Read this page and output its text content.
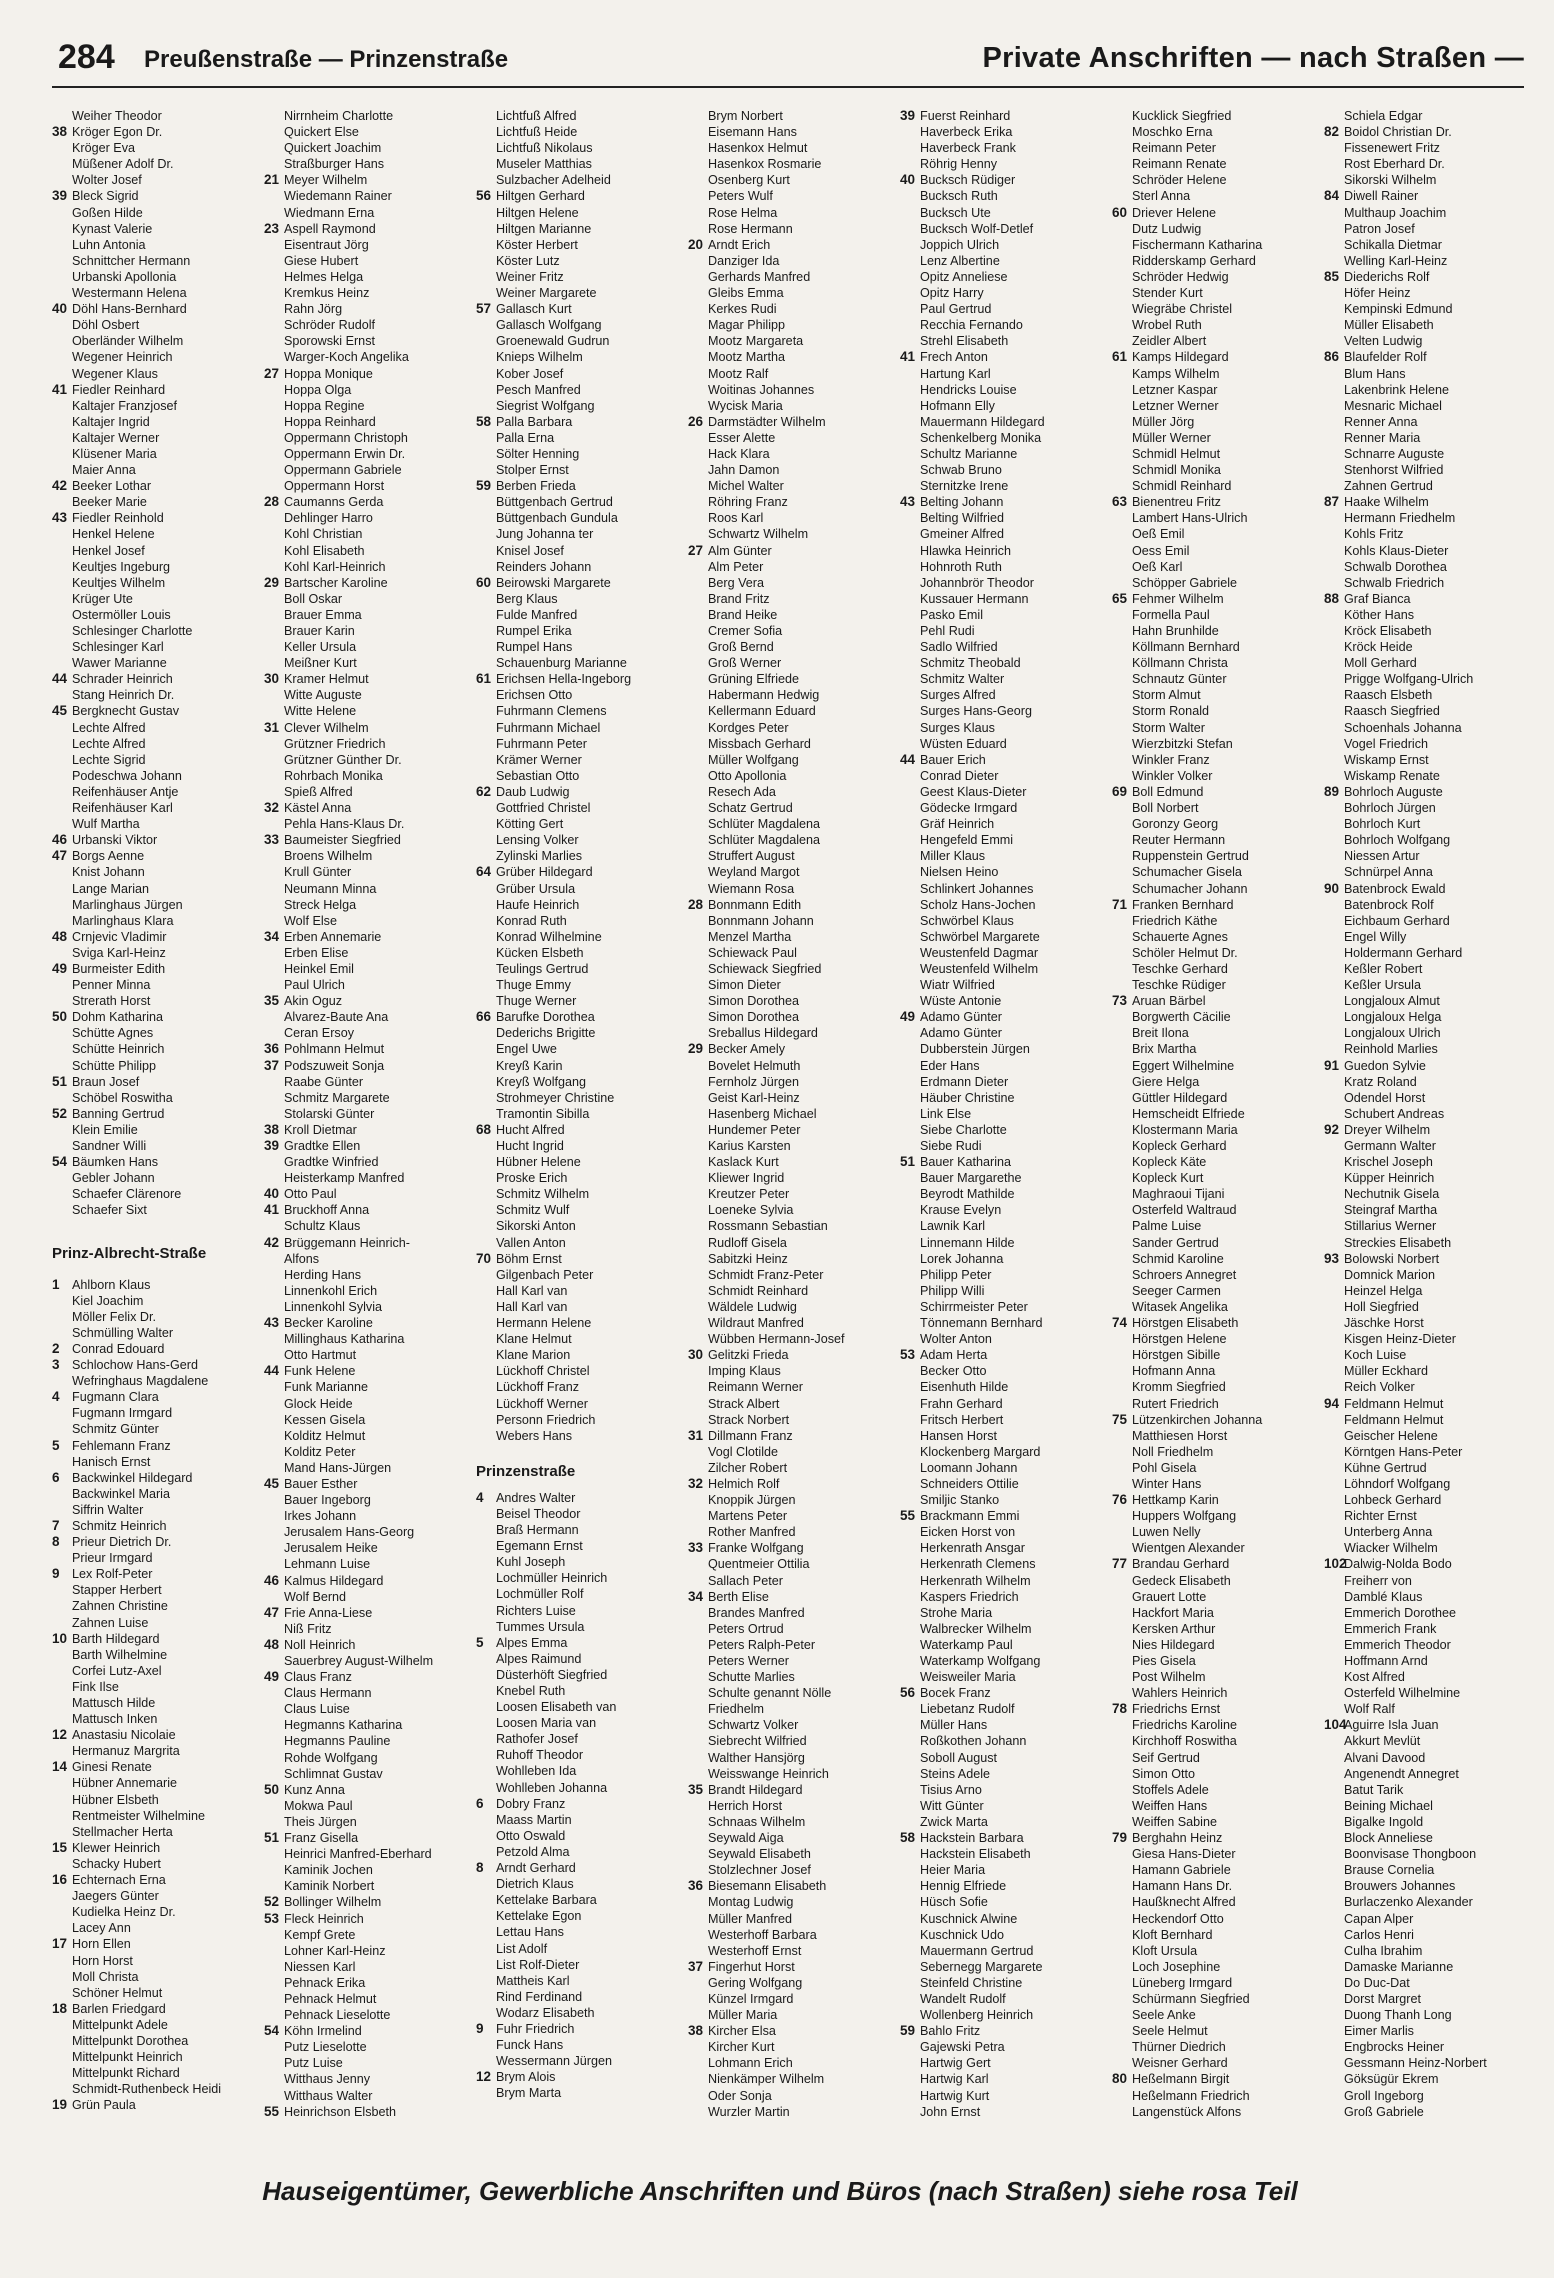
284 Preußenstraße — Prinzenstraße	Private Anschriften — nach Straßen —
Weiher Theodor
38 Kröger Egon Dr.
Kröger Eva
Müßener Adolf Dr.
Wolter Josef
39 Bleck Sigrid
Goßen Hilde
Kynast Valerie
Luhn Antonia
Schnittcher Hermann
Urbanski Apollonia
Westermann Helena
40 Döhl Hans-Bernhard
Döhl Osbert
Oberländer Wilhelm
Wegener Heinrich
Wegener Klaus
41 Fiedler Reinhard
Kaltajer Franzjosef
Kaltajer Ingrid
Kaltajer Werner
Klüsener Maria
Maier Anna
42 Beeker Lothar
Beeker Marie
43 Fiedler Reinhold
Henkel Helene
Henkel Josef
Keultjes Ingeburg
Keultjes Wilhelm
Krüger Ute
Ostermöller Louis
Schlesinger Charlotte
Schlesinger Karl
Wawer Marianne
44 Schrader Heinrich
Stang Heinrich Dr.
45 Bergknecht Gustav
Lechte Alfred
Lechte Alfred
Lechte Sigrid
Podeschwa Johann
Reifenhäuser Antje
Reifenhäuser Karl
Wulf Martha
46 Urbanski Viktor
47 Borgs Aenne
Knist Johann
Lange Marian
Marlinghaus Jürgen
Marlinghaus Klara
48 Crnjevic Vladimir
Sviga Karl-Heinz
49 Burmeister Edith
Penner Minna
Strerath Horst
50 Dohm Katharina
Schütte Agnes
Schütte Heinrich
Schütte Philipp
51 Braun Josef
Schöbel Roswitha
52 Banning Gertrud
Klein Emilie
Sandner Willi
54 Bäumken Hans
Gebler Johann
Schaefer Clärenore
Schaefer Sixt
Prinz-Albrecht-Straße
1 Ahlborn Klaus
Kiel Joachim
Möller Felix Dr.
Schmülling Walter
2 Conrad Edouard
3 Schlochow Hans-Gerd
Wefringhaus Magdalene
4 Fugmann Clara
Fugmann Irmgard
Schmitz Günter
5 Fehlemann Franz
Hanisch Ernst
6 Backwinkel Hildegard
Backwinkel Maria
Siffrin Walter
7 Schmitz Heinrich
8 Prieur Dietrich Dr.
Prieur Irmgard
9 Lex Rolf-Peter
Stapper Herbert
Zahnen Christine
Zahnen Luise
10 Barth Hildegard
Barth Wilhelmine
Corfei Lutz-Axel
Fink Ilse
Mattusch Hilde
Mattusch Inken
12 Anastasiu Nicolaie
Hermanuz Margrita
14 Ginesi Renate
Hübner Annemarie
Hübner Elsbeth
Rentmeister Wilhelmine
Stellmacher Herta
15 Klewer Heinrich
Schacky Hubert
16 Echternach Erna
Jaegers Günter
Kudielka Heinz Dr.
Lacey Ann
17 Horn Ellen
Horn Horst
Moll Christa
Schöner Helmut
18 Barlen Friedgard
Mittelpunkt Adele
Mittelpunkt Dorothea
Mittelpunkt Heinrich
Mittelpunkt Richard
Schmidt-Ruthenbeck Heidi
19 Grün Paula
Nirrnheim Charlotte
Quickert Else
Quickert Joachim
Straßburger Hans
21 Meyer Wilhelm
Wiedemann Rainer
Wiedmann Erna
23 Aspell Raymond
Eisentraut Jörg
Giese Hubert
Helmes Helga
Kremkus Heinz
Rahn Jörg
Schröder Rudolf
Sporowski Ernst
Warger-Koch Angelika
27 Hoppa Monique
Hoppa Olga
Hoppa Regine
Hoppa Reinhard
Oppermann Christoph
Oppermann Erwin Dr.
Oppermann Gabriele
Oppermann Horst
28 Caumanns Gerda
Dehlinger Harro
Kohl Christian
Kohl Elisabeth
Kohl Karl-Heinrich
29 Bartscher Karoline
Boll Oskar
Brauer Emma
Brauer Karin
Keller Ursula
Meißner Kurt
30 Kramer Helmut
Witte Auguste
Witte Helene
31 Clever Wilhelm
Grützner Friedrich
Grützner Günther Dr.
Rohrbach Monika
Spieß Alfred
32 Kästel Anna
Pehla Hans-Klaus Dr.
33 Baumeister Siegfried
Broens Wilhelm
Krull Günter
Neumann Minna
Streck Helga
Wolf Else
34 Erben Annemarie
Erben Elise
Heinkel Emil
Paul Ulrich
35 Akin Oguz
Alvarez-Baute Ana
Ceran Ersoy
36 Pohlmann Helmut
37 Podszuweit Sonja
Raabe Günter
Schmitz Margarete
Stolarski Günter
38 Kroll Dietmar
39 Gradtke Ellen
Gradtke Winfried
Heisterkamp Manfred
40 Otto Paul
41 Bruckhoff Anna
Schultz Klaus
42 Brüggemann Heinrich-
Alfons
Herding Hans
Linnenkohl Erich
Linnenkohl Sylvia
43 Becker Karoline
Millinghaus Katharina
Otto Hartmut
44 Funk Helene
Funk Marianne
Glock Heide
Kessen Gisela
Kolditz Helmut
Kolditz Peter
Mand Hans-Jürgen
45 Bauer Esther
Bauer Ingeborg
Irkes Johann
Jerusalem Hans-Georg
Jerusalem Heike
Lehmann Luise
46 Kalmus Hildegard
Wolf Bernd
47 Frie Anna-Liese
Niß Fritz
48 Noll Heinrich
Sauerbrey August-Wilhelm
49 Claus Franz
Claus Hermann
Claus Luise
Hegmanns Katharina
Hegmanns Pauline
Rohde Wolfgang
Schlimnat Gustav
50 Kunz Anna
Mokwa Paul
Theis Jürgen
51 Franz Gisella
Heinrici Manfred-Eberhard
Kaminik Jochen
Kaminik Norbert
52 Bollinger Wilhelm
53 Fleck Heinrich
Kempf Grete
Lohner Karl-Heinz
Niessen Karl
Pehnack Erika
Pehnack Helmut
Pehnack Lieselotte
54 Köhn Irmelind
Putz Lieselotte
Putz Luise
Witthaus Jenny
Witthaus Walter
55 Heinrichson Elsbeth
Lichtfuß Alfred
Lichtfuß Heide
Lichtfuß Nikolaus
Museler Matthias
Sulzbacher Adelheid
56 Hiltgen Gerhard
Hiltgen Helene
Hiltgen Marianne
Köster Herbert
Köster Lutz
Weiner Fritz
Weiner Margarete
57 Gallasch Kurt
Gallasch Wolfgang
Groenewald Gudrun
Knieps Wilhelm
Kober Josef
Pesch Manfred
Siegrist Wolfgang
58 Palla Barbara
Palla Erna
Sölter Henning
Stolper Ernst
59 Berben Frieda
Büttgenbach Gertrud
Büttgenbach Gundula
Jung Johanna ter
Knisel Josef
Reinders Johann
60 Beirowski Margarete
Berg Klaus
Fulde Manfred
Rumpel Erika
Rumpel Hans
Schauenburg Marianne
61 Erichsen Hella-Ingeborg
Erichsen Otto
Fuhrmann Clemens
Fuhrmann Michael
Fuhrmann Peter
Krämer Werner
Sebastian Otto
62 Daub Ludwig
Gottfried Christel
Kötting Gert
Lensing Volker
Zylinski Marlies
64 Grüber Hildegard
Grüber Ursula
Haufe Heinrich
Konrad Ruth
Konrad Wilhelmine
Kücken Elsbeth
Teulings Gertrud
Thuge Emmy
Thuge Werner
66 Barufke Dorothea
Dederichs Brigitte
Engel Uwe
Kreyß Karin
Kreyß Wolfgang
Strohmeyer Christine
Tramontin Sibilla
68 Hucht Alfred
Hucht Ingrid
Hübner Helene
Proske Erich
Schmitz Wilhelm
Schmitz Wulf
Sikorski Anton
Vallen Anton
70 Böhm Ernst
Gilgenbach Peter
Hall Karl van
Hall Karl van
Hermann Helene
Klane Helmut
Klane Marion
Lückhoff Christel
Lückhoff Franz
Lückhoff Werner
Personn Friedrich
Webers Hans
Prinzenstraße
4 Andres Walter
Beisel Theodor
Braß Hermann
Egemann Ernst
Kuhl Joseph
Lochmüller Heinrich
Lochmüller Rolf
Richters Luise
Tummes Ursula
5 Alpes Emma
Alpes Raimund
Düsterhöft Siegfried
Knebel Ruth
Loosen Elisabeth van
Loosen Maria van
Rathofer Josef
Ruhoff Theodor
Wohlleben Ida
Wohlleben Johanna
6 Dobry Franz
Maass Martin
Otto Oswald
Petzold Alma
8 Arndt Gerhard
Dietrich Klaus
Kettelake Barbara
Kettelake Egon
Lettau Hans
List Adolf
List Rolf-Dieter
Mattheis Karl
Rind Ferdinand
Wodarz Elisabeth
9 Fuhr Friedrich
Funck Hans
Wessermann Jürgen
12 Brym Alois
Brym Marta
Brym Norbert
Eisemann Hans
Hasenkox Helmut
Hasenkox Rosmarie
Osenberg Kurt
Peters Wulf
Rose Helma
Rose Hermann
20 Arndt Erich
Danziger Ida
Gerhards Manfred
Gleibs Emma
Kerkes Rudi
Magar Philipp
Mootz Margareta
Mootz Martha
Mootz Ralf
Woitinas Johannes
Wycisk Maria
26 Darmstädter Wilhelm
Esser Alette
Hack Klara
Jahn Damon
Michel Walter
Röhring Franz
Roos Karl
Schwartz Wilhelm
27 Alm Günter
Alm Peter
Berg Vera
Brand Fritz
Brand Heike
Cremer Sofia
Groß Bernd
Groß Werner
Grüning Elfriede
Habermann Hedwig
Kellermann Eduard
Kordges Peter
Missbach Gerhard
Müller Wolfgang
Otto Apollonia
Resech Ada
Schatz Gertrud
Schlüter Magdalena
Schlüter Magdalena
Struffert August
Weyland Margot
Wiemann Rosa
28 Bonnmann Edith
Bonnmann Johann
Menzel Martha
Schiewack Paul
Schiewack Siegfried
Simon Dieter
Simon Dorothea
Simon Dorothea
Sreballus Hildegard
29 Becker Amely
Bovelet Helmuth
Fernholz Jürgen
Geist Karl-Heinz
Hasenberg Michael
Hundemer Peter
Karius Karsten
Kaslack Kurt
Kliewer Ingrid
Kreutzer Peter
Loeneke Sylvia
Rossmann Sebastian
Rudloff Gisela
Sabitzki Heinz
Schmidt Franz-Peter
Schmidt Reinhard
Wäldele Ludwig
Wildraut Manfred
Wübben Hermann-Josef
30 Gelitzki Frieda
Imping Klaus
Reimann Werner
Strack Albert
Strack Norbert
31 Dillmann Franz
Vogl Clotilde
Zilcher Robert
32 Helmich Rolf
Knoppik Jürgen
Martens Peter
Rother Manfred
33 Franke Wolfgang
Quentmeier Ottilia
Sallach Peter
34 Berth Elise
Brandes Manfred
Peters Ortrud
Peters Ralph-Peter
Peters Werner
Schutte Marlies
Schulte genannt Nölle
Friedhelm
Schwartz Volker
Siebrecht Wilfried
Walther Hansjörg
Weisswange Heinrich
35 Brandt Hildegard
Herrich Horst
Schnaas Wilhelm
Seywald Aiga
Seywald Elisabeth
Stolzlechner Josef
36 Biesemann Elisabeth
Montag Ludwig
Müller Manfred
Westerhoff Barbara
Westerhoff Ernst
37 Fingerhut Horst
Gering Wolfgang
Künzel Irmgard
Müller Maria
38 Kircher Elsa
Kircher Kurt
Lohmann Erich
Nienkämper Wilhelm
Oder Sonja
Wurzler Martin
39 Fuerst Reinhard
Haverbeck Erika
Haverbeck Frank
Röhrig Henny
40 Bucksch Rüdiger
Bucksch Ruth
Bucksch Ute
Bucksch Wolf-Detlef
Joppich Ulrich
Lenz Albertine
Opitz Anneliese
Opitz Harry
Paul Gertrud
Recchia Fernando
Strehl Elisabeth
41 Frech Anton
Hartung Karl
Hendricks Louise
Hofmann Elly
Mauermann Hildegard
Schenkelberg Monika
Schultz Marianne
Schwab Bruno
Sternitzke Irene
43 Belting Johann
Belting Wilfried
Gmeiner Alfred
Hlawka Heinrich
Hohnroth Ruth
Johannbrör Theodor
Kussauer Hermann
Pasko Emil
Pehl Rudi
Sadlo Wilfried
Schmitz Theobald
Schmitz Walter
Surges Alfred
Surges Hans-Georg
Surges Klaus
Wüsten Eduard
44 Bauer Erich
Conrad Dieter
Geest Klaus-Dieter
Gödecke Irmgard
Gräf Heinrich
Hengefeld Emmi
Miller Klaus
Nielsen Heino
Schlinkert Johannes
Scholz Hans-Jochen
Schwörbel Klaus
Schwörbel Margarete
Weustenfeld Dagmar
Weustenfeld Wilhelm
Wiatr Wilfried
Wüste Antonie
49 Adamo Günter
Adamo Günter
Dubberstein Jürgen
Eder Hans
Erdmann Dieter
Häuber Christine
Link Else
Siebe Charlotte
Siebe Rudi
51 Bauer Katharina
Bauer Margarethe
Beyrodt Mathilde
Krause Evelyn
Lawnik Karl
Linnemann Hilde
Lorek Johanna
Philipp Peter
Philipp Willi
Schirrmeister Peter
Tönnemann Bernhard
Wolter Anton
53 Adam Herta
Becker Otto
Eisenhuth Hilde
Frahn Gerhard
Fritsch Herbert
Hansen Horst
Klockenberg Margard
Loomann Johann
Schneiders Ottilie
Smiljic Stanko
55 Brackmann Emmi
Eicken Horst von
Herkenrath Ansgar
Herkenrath Clemens
Herkenrath Wilhelm
Kaspers Friedrich
Strohe Maria
Walbrecker Wilhelm
Waterkamp Paul
Waterkamp Wolfgang
Weisweiler Maria
56 Bocek Franz
Liebetanz Rudolf
Müller Hans
Roßkothen Johann
Soboll August
Steins Adele
Tisius Arno
Witt Günter
Zwick Marta
58 Hackstein Barbara
Hackstein Elisabeth
Heier Maria
Hennig Elfriede
Hüsch Sofie
Kuschnick Alwine
Kuschnick Udo
Mauermann Gertrud
Sebernegg Margarete
Steinfeld Christine
Wandelt Rudolf
Wollenberg Heinrich
59 Bahlo Fritz
Gajewski Petra
Hartwig Gert
Hartwig Karl
Hartwig Kurt
John Ernst
Kucklick Siegfried
Moschko Erna
Reimann Peter
Reimann Renate
Schröder Helene
Sterl Anna
60 Driever Helene
Dutz Ludwig
Fischermann Katharina
Ridderskamp Gerhard
Schröder Hedwig
Stender Kurt
Wiegräbe Christel
Wrobel Ruth
Zeidler Albert
61 Kamps Hildegard
Kamps Wilhelm
Letzner Kaspar
Letzner Werner
Müller Jörg
Müller Werner
Schmidl Helmut
Schmidl Monika
Schmidl Reinhard
63 Bienentreu Fritz
Lambert Hans-Ulrich
Oeß Emil
Oess Emil
Oeß Karl
Schöpper Gabriele
65 Fehmer Wilhelm
Formella Paul
Hahn Brunhilde
Köllmann Bernhard
Köllmann Christa
Schnautz Günter
Storm Almut
Storm Ronald
Storm Walter
Wierzbitzki Stefan
Winkler Franz
Winkler Volker
69 Boll Edmund
Boll Norbert
Goronzy Georg
Reuter Hermann
Ruppenstein Gertrud
Schumacher Gisela
Schumacher Johann
71 Franken Bernhard
Friedrich Käthe
Schauerte Agnes
Schöler Helmut Dr.
Teschke Gerhard
Teschke Rüdiger
73 Aruan Bärbel
Borgwerth Cäcilie
Breit Ilona
Brix Martha
Eggert Wilhelmine
Giere Helga
Güttler Hildegard
Hemscheidt Elfriede
Klostermann Maria
Kopleck Gerhard
Kopleck Käte
Kopleck Kurt
Maghraoui Tijani
Osterfeld Waltraud
Palme Luise
Sander Gertrud
Schmid Karoline
Schroers Annegret
Seeger Carmen
Witasek Angelika
74 Hörstgen Elisabeth
Hörstgen Helene
Hörstgen Sibille
Hofmann Anna
Kromm Siegfried
Rutert Friedrich
75 Lützenkirchen Johanna
Matthiesen Horst
Noll Friedhelm
Pohl Gisela
Winter Hans
76 Hettkamp Karin
Huppers Wolfgang
Luwen Nelly
Wientgen Alexander
77 Brandau Gerhard
Gedeck Elisabeth
Grauert Lotte
Hackfort Maria
Kersken Arthur
Nies Hildegard
Pies Gisela
Post Wilhelm
Wahlers Heinrich
78 Friedrichs Ernst
Friedrichs Karoline
Kirchhoff Roswitha
Seif Gertrud
Simon Otto
Stoffels Adele
Weiffen Hans
Weiffen Sabine
79 Berghahn Heinz
Giesa Hans-Dieter
Hamann Gabriele
Hamann Hans Dr.
Haußknecht Alfred
Heckendorf Otto
Kloft Bernhard
Kloft Ursula
Loch Josephine
Lüneberg Irmgard
Schürmann Siegfried
Seele Anke
Seele Helmut
Thürner Diedrich
Weisner Gerhard
80 Heßelmann Birgit
Heßelmann Friedrich
Langenstück Alfons
Schiela Edgar
82 Boidol Christian Dr.
Fissenewert Fritz
Rost Eberhard Dr.
Sikorski Wilhelm
84 Diwell Rainer
Multhaup Joachim
Patron Josef
Schikalla Dietmar
Welling Karl-Heinz
85 Diederichs Rolf
Höfer Heinz
Kempinski Edmund
Müller Elisabeth
Velten Ludwig
86 Blaufelder Rolf
Blum Hans
Lakenbrink Helene
Mesnaric Michael
Renner Anna
Renner Maria
Schnarre Auguste
Stenhorst Wilfried
Zahnen Gertrud
87 Haake Wilhelm
Hermann Friedhelm
Kohls Fritz
Kohls Klaus-Dieter
Schwalb Dorothea
Schwalb Friedrich
88 Graf Bianca
Köther Hans
Kröck Elisabeth
Kröck Heide
Moll Gerhard
Prigge Wolfgang-Ulrich
Raasch Elsbeth
Raasch Siegfried
Schoenhals Johanna
Vogel Friedrich
Wiskamp Ernst
Wiskamp Renate
89 Bohrloch Auguste
Bohrloch Jürgen
Bohrloch Kurt
Bohrloch Wolfgang
Niessen Artur
Schnürpel Anna
90 Batenbrock Ewald
Batenbrock Rolf
Eichbaum Gerhard
Engel Willy
Holdermann Gerhard
Keßler Robert
Keßler Ursula
Longjaloux Almut
Longjaloux Helga
Longjaloux Ulrich
Reinhold Marlies
91 Guedon Sylvie
Kratz Roland
Odendel Horst
Schubert Andreas
92 Dreyer Wilhelm
Germann Walter
Krischel Joseph
Küpper Heinrich
Nechutnik Gisela
Steingraf Martha
Stillarius Werner
Streckies Elisabeth
93 Bolowski Norbert
Domnick Marion
Heinzel Helga
Holl Siegfried
Jäschke Horst
Kisgen Heinz-Dieter
Koch Luise
Müller Eckhard
Reich Volker
94 Feldmann Helmut
Feldmann Helmut
Geischer Helene
Körntgen Hans-Peter
Kühne Gertrud
Löhndorf Wolfgang
Lohbeck Gerhard
Richter Ernst
Unterberg Anna
Wiacker Wilhelm
102Dalwig-Nolda Bodo
Freiherr von
Damblé Klaus
Emmerich Dorothee
Emmerich Frank
Emmerich Theodor
Hoffmann Arnd
Kost Alfred
Osterfeld Wilhelmine
Wolf Ralf
104Aguirre Isla Juan
Akkurt Mevlüt
Alvani Davood
Angenendt Annegret
Batut Tarik
Beining Michael
Bigalke Ingold
Block Anneliese
Boonvisase Thongboon
Brause Cornelia
Brouwers Johannes
Burlaczenko Alexander
Capan Alper
Carlos Henri
Culha Ibrahim
Damaske Marianne
Do Duc-Dat
Dorst Margret
Duong Thanh Long
Eimer Marlis
Engbrocks Heiner
Gessmann Heinz-Norbert
Göksügür Ekrem
Groll Ingeborg
Groß Gabriele
Hauseigentümer, Gewerbliche Anschriften und Büros (nach Straßen) siehe rosa Teil
